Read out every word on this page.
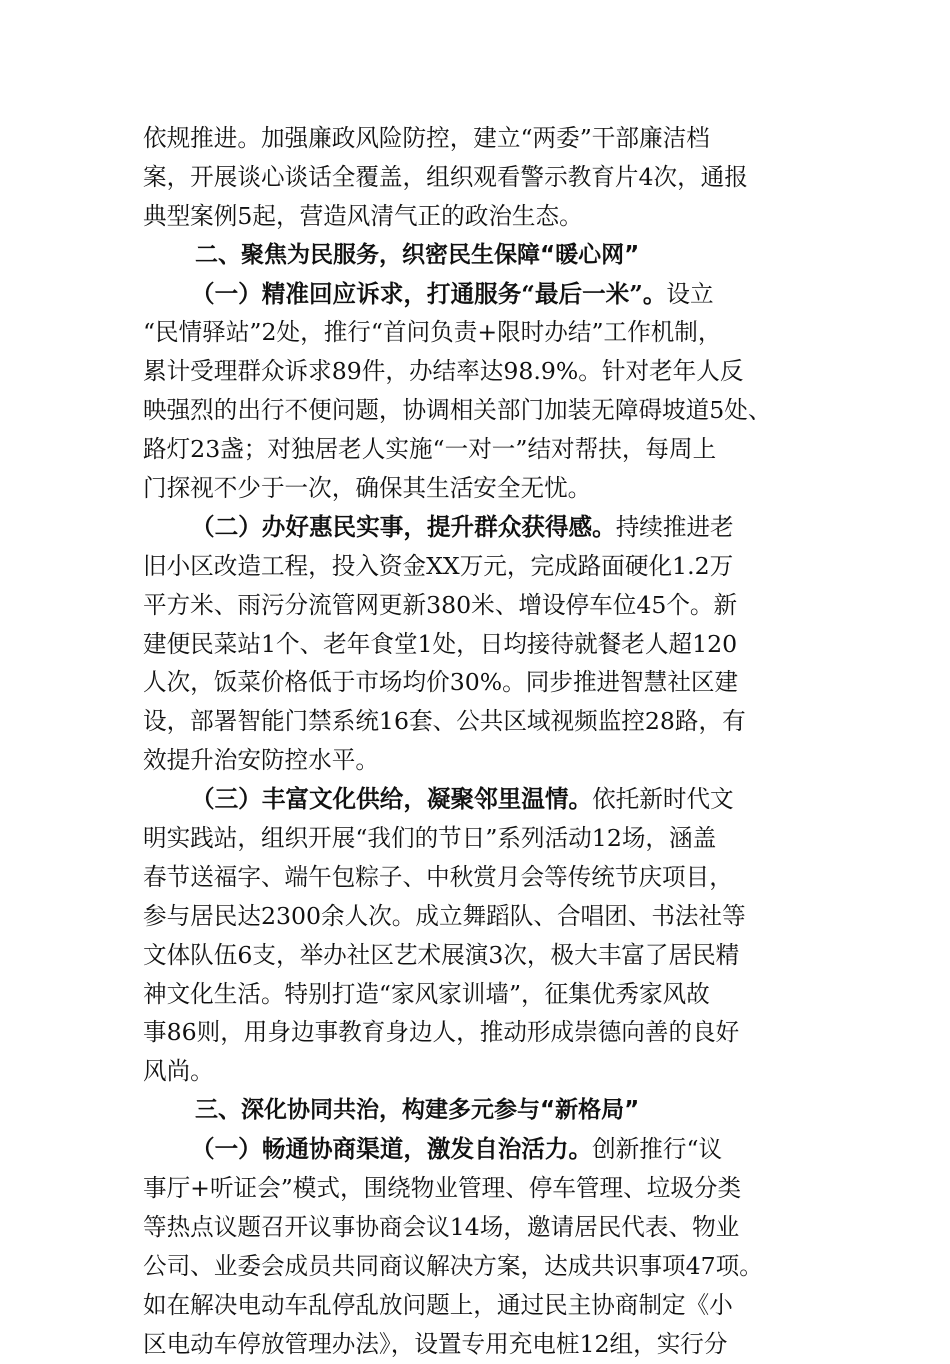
依规推进。加强廉政风险防控，建立“两委”干部廉洁档
案，开展谈心谈话全覆盖，组织观看警示教育片4次，通报
典型案例5起，营造风清气正的政治生态。
二、聚焦为民服务，织密民生保障“暖心网”
（一）精准回应诉求，打通服务“最后一米”。设立
“民情驿站”2处，推行“首问负责+限时办结”工作机制，
累计受理群众诉求89件，办结率达98.9%。针对老年人反
映强烈的出行不便问题，协调相关部门加装无障碍坡道5处、
路灯23盏；对独居老人实施“一对一”结对帮扶，每周上
门探视不少于一次，确保其生活安全无忧。
（二）办好惠民实事，提升群众获得感。持续推进老
旧小区改造工程，投入资金XX万元，完成路面硬化1.2万
平方米、雨污分流管网更新380米、增设停车位45个。新
建便民菜站1个、老年食堂1处，日均接待就餐老人超120
人次，饭菜价格低于市场均价30%。同步推进智慧社区建
设，部署智能门禁系统16套、公共区域视频监控28路，有
效提升治安防控水平。
（三）丰富文化供给，凝聚邻里温情。依托新时代文
明实践站，组织开展“我们的节日”系列活动12场，涵盖
春节送福字、端午包粽子、中秋赏月会等传统节庆项目，
参与居民达2300余人次。成立舞蹈队、合唱团、书法社等
文体队伍6支，举办社区艺术展演3次，极大丰富了居民精
神文化生活。特别打造“家风家训墙”，征集优秀家风故
事86则，用身边事教育身边人，推动形成崇德向善的良好
风尚。
三、深化协同共治，构建多元参与“新格局”
（一）畅通协商渠道，激发自治活力。创新推行“议
事厅+听证会”模式，围绕物业管理、停车管理、垃圾分类
等热点议题召开议事协商会议14场，邀请居民代表、物业
公司、业委会成员共同商议解决方案，达成共识事项47项。
如在解决电动车乱停乱放问题上，通过民主协商制定《小
区电动车停放管理办法》，设置专用充电桩12组，实行分
